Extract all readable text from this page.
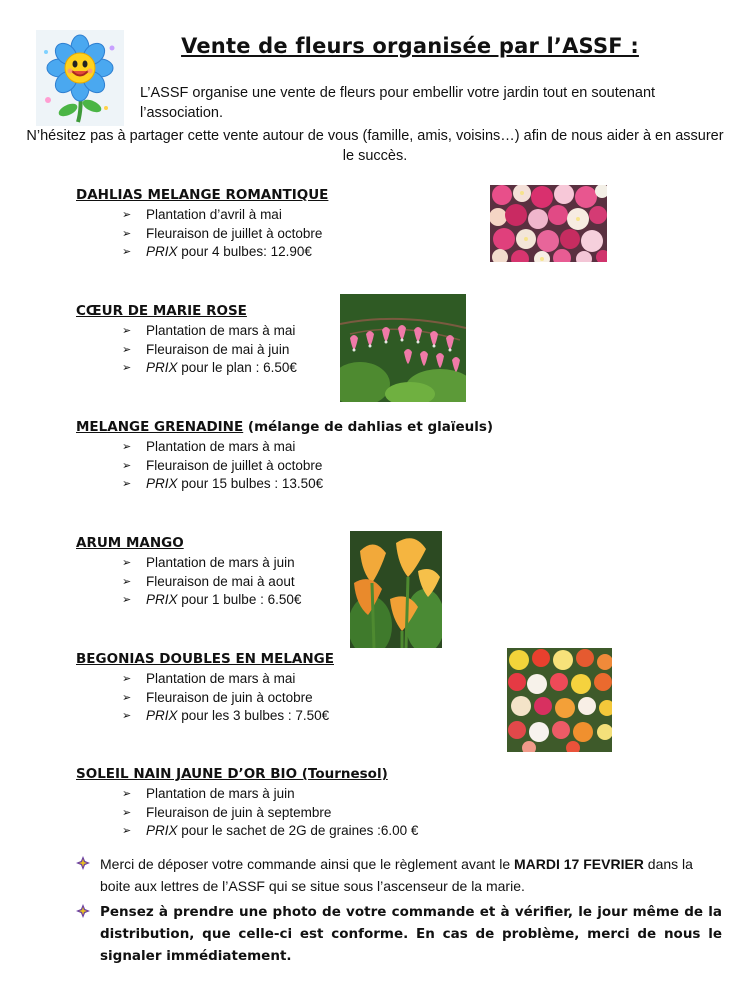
Vente de fleurs organisée par l’ASSF :

L’ASSF organise une vente de fleurs pour embellir votre jardin tout en soutenant l’association.

N’hésitez pas à partager cette vente autour de vous (famille, amis, voisins…) afin de nous aider à en assurer le succès.

DAHLIAS MELANGE ROMANTIQUE
➢ Plantation d’avril à mai
➢ Fleuraison de juillet à octobre
➢ PRIX pour 4 bulbes: 12.90€
CŒUR DE MARIE ROSE
➢ Plantation de mars à mai
➢ Fleuraison de mai à juin
➢ PRIX pour le plan : 6.50€
MELANGE GRENADINE (mélange de dahlias et glaïeuls)
➢ Plantation de mars à mai
➢ Fleuraison de juillet à octobre
➢ PRIX pour 15 bulbes : 13.50€
ARUM MANGO
➢ Plantation de mars à juin
➢ Fleuraison de mai à aout
➢ PRIX pour 1 bulbe : 6.50€
BEGONIAS DOUBLES EN MELANGE
➢ Plantation de mars à mai
➢ Fleuraison de juin à octobre
➢ PRIX pour les 3 bulbes : 7.50€
SOLEIL NAIN JAUNE D’OR BIO (Tournesol)
➢ Plantation de mars à juin
➢ Fleuraison de juin à septembre
➢ PRIX pour le sachet de 2G de graines :6.00 €

Merci de déposer votre commande ainsi que le règlement avant le MARDI 17 FEVRIER dans la boite aux lettres de l’ASSF qui se situe sous l’ascenseur de la marie.

Pensez à prendre une photo de votre commande et à vérifier, le jour même de la distribution, que celle-ci est conforme. En cas de problème, merci de nous le signaler immédiatement.
